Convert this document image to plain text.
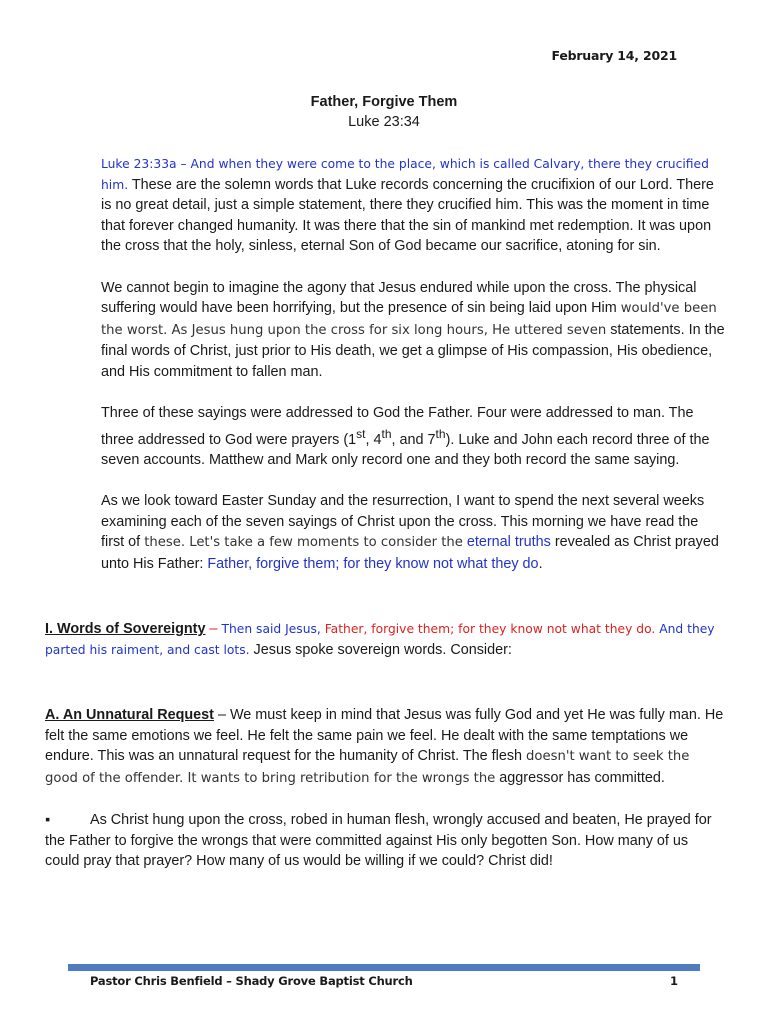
February 14, 2021
Father, Forgive Them
Luke 23:34

Luke 23:33a – And when they were come to the place, which is called Calvary, there they crucified him. These are the solemn words that Luke records concerning the crucifixion of our Lord. There is no great detail, just a simple statement, there they crucified him. This was the moment in time that forever changed humanity. It was there that the sin of mankind met redemption. It was upon the cross that the holy, sinless, eternal Son of God became our sacrifice, atoning for sin.

We cannot begin to imagine the agony that Jesus endured while upon the cross. The physical suffering would have been horrifying, but the presence of sin being laid upon Him would've been the worst. As Jesus hung upon the cross for six long hours, He uttered seven statements. In the final words of Christ, just prior to His death, we get a glimpse of His compassion, His obedience, and His commitment to fallen man.

Three of these sayings were addressed to God the Father. Four were addressed to man. The three addressed to God were prayers (1st, 4th, and 7th). Luke and John each record three of the seven accounts. Matthew and Mark only record one and they both record the same saying.

As we look toward Easter Sunday and the resurrection, I want to spend the next several weeks examining each of the seven sayings of Christ upon the cross. This morning we have read the first of these. Let's take a few moments to consider the eternal truths revealed as Christ prayed unto His Father: Father, forgive them; for they know not what they do.

I. Words of Sovereignty – Then said Jesus, Father, forgive them; for they know not what they do. And they parted his raiment, and cast lots. Jesus spoke sovereign words. Consider:

A. An Unnatural Request – We must keep in mind that Jesus was fully God and yet He was fully man. He felt the same emotions we feel. He felt the same pain we feel. He dealt with the same temptations we endure. This was an unnatural request for the humanity of Christ. The flesh doesn't want to seek the good of the offender. It wants to bring retribution for the wrongs the aggressor has committed.

▪	As Christ hung upon the cross, robed in human flesh, wrongly accused and beaten, He prayed for the Father to forgive the wrongs that were committed against His only begotten Son. How many of us could pray that prayer? How many of us would be willing if we could? Christ did!

Pastor Chris Benfield – Shady Grove Baptist Church	1
